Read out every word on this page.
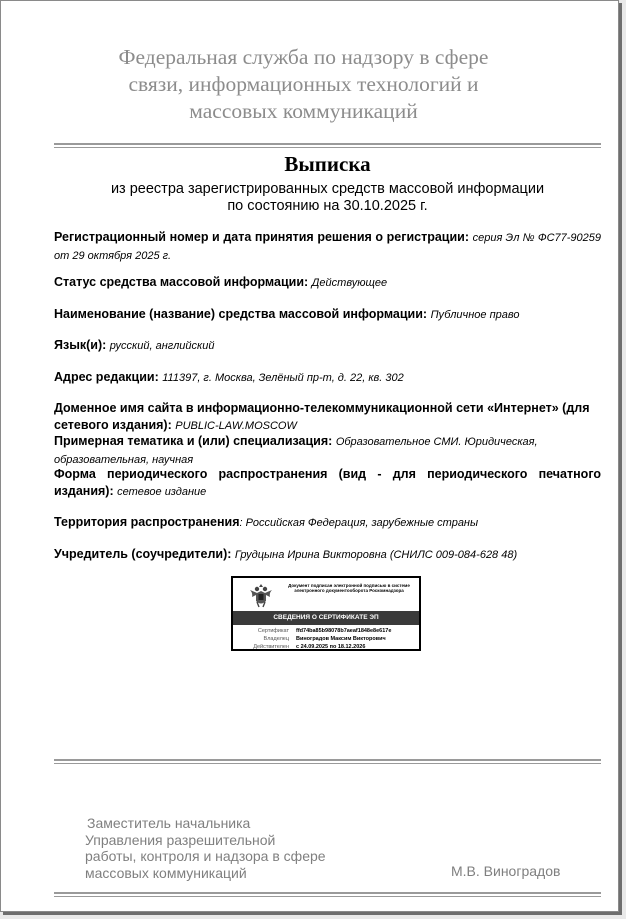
Федеральная служба по надзору в сфере
связи, информационных технологий и
массовых коммуникаций
Выписка
из реестра зарегистрированных средств массовой информации
по состоянию на 30.10.2025 г.
Регистрационный номер и дата принятия решения о регистрации: серия Эл № ФС77-90259 от 29 октября 2025 г.
Статус средства массовой информации: Действующее
Наименование (название) средства массовой информации: Публичное право
Язык(и): русский, английский
Адрес редакции: 111397, г. Москва, Зелёный пр-т, д. 22, кв. 302
Доменное имя сайта в информационно-телекоммуникационной сети «Интернет» (для сетевого издания): PUBLIC-LAW.MOSCOW
Примерная тематика и (или) специализация: Образовательное СМИ. Юридическая, образовательная, научная
Форма периодического распространения (вид - для периодического печатного издания): сетевое издание
Территория распространения: Российская Федерация, зарубежные страны
Учредитель (соучредители): Грудцына Ирина Викторовна (СНИЛС 009-084-628 48)
Документ подписан электронной подписью в системе электронного документооборота Роскомнадзора
СВЕДЕНИЯ О СЕРТИФИКАТЕ ЭП
Сертификат ffd74ba85b98078b7aeaf1848e8e617e
Владелец Виноградов Максим Викторович
Действителен с 24.09.2025 по 18.12.2026
Заместитель начальника
Управления разрешительной
работы, контроля и надзора в сфере
массовых коммуникаций	М.В. Виноградов
